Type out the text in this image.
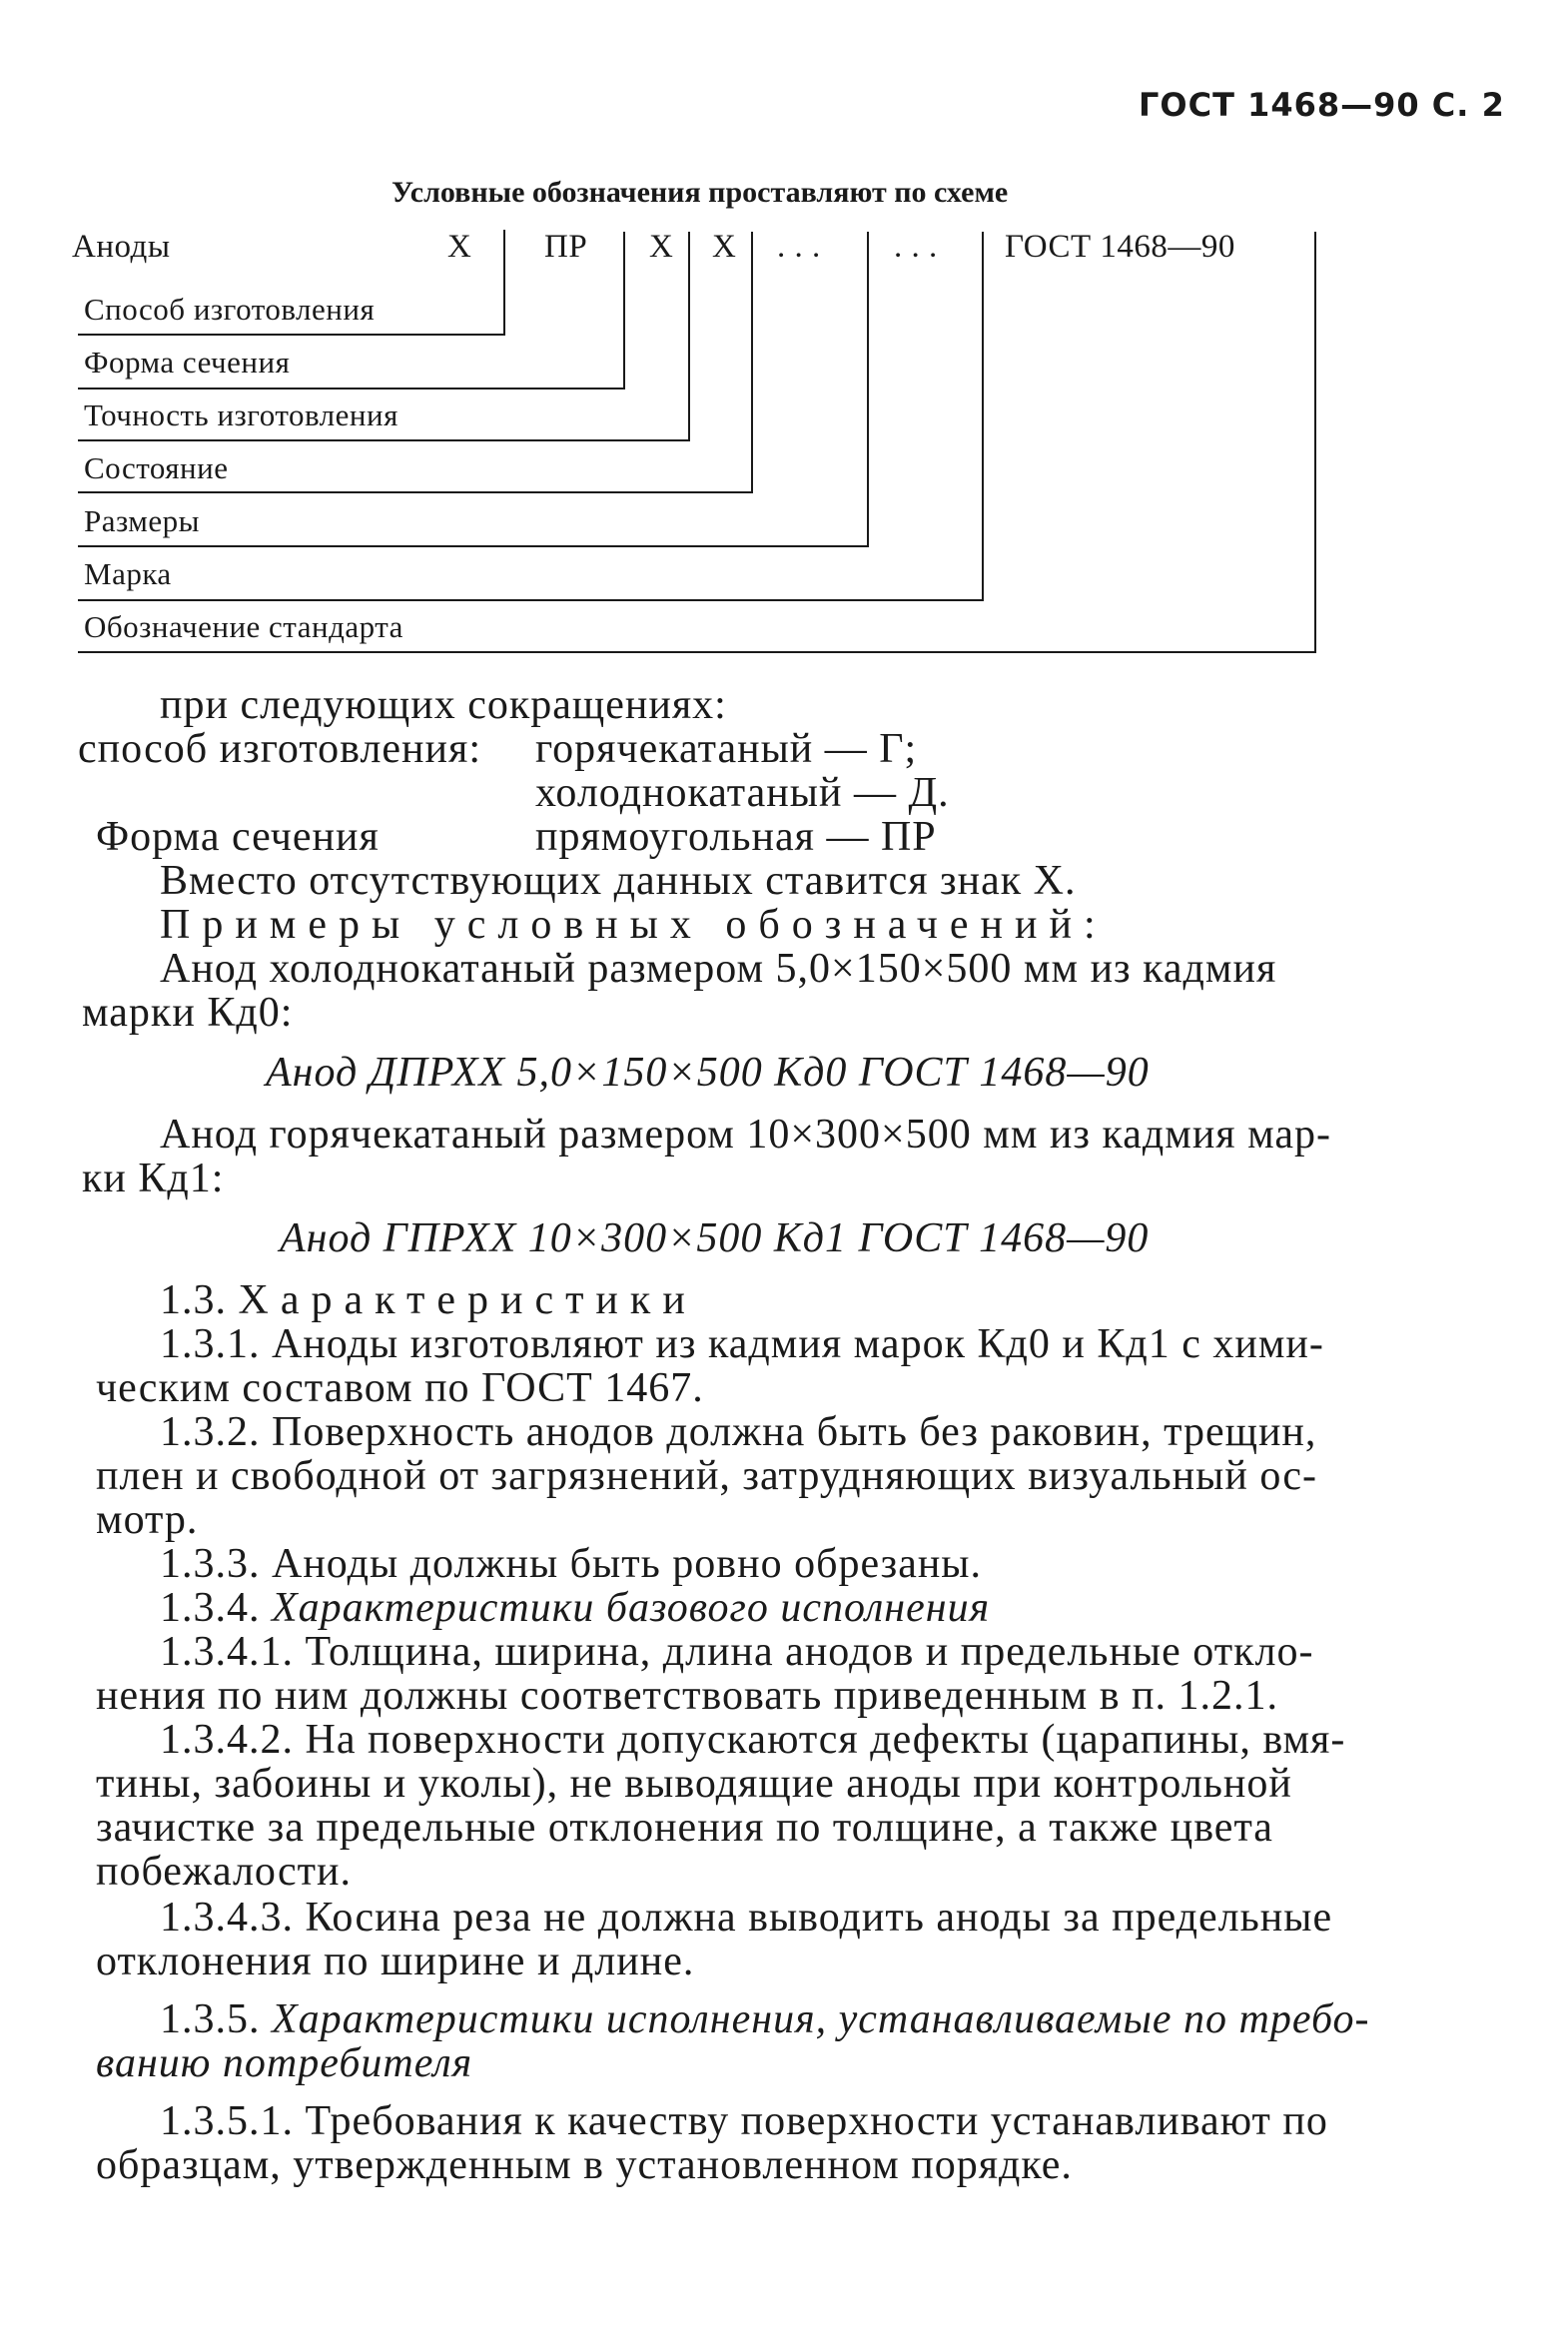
ГОСТ 1468—90 С. 2
Условные обозначения проставляют по схеме
Аноды	Х ПР Х Х . . . . . . ГОСТ 1468—90
Способ изготовления
Форма сечения
Точность изготовления
Состояние
Размеры
Марка
Обозначение стандарта
при следующих сокращениях:
способ изготовления: горячекатаный — Г;
холоднокатаный — Д.
Форма сечения	прямоугольная — ПР
Вместо отсутствующих данных ставится знак Х.
Примеры условных обозначений:
Анод холоднокатаный размером 5,0×150×500 мм из кадмия
марки Кд0:
Анод ДПРХХ 5,0×150×500 Кд0 ГОСТ 1468—90
Анод горячекатаный размером 10×300×500 мм из кадмия мар-
ки Кд1:
Анод ГПРХХ 10×300×500 Кд1 ГОСТ 1468—90
1.3. Характеристики
1.3.1. Аноды изготовляют из кадмия марок Кд0 и Кд1 с хими-
ческим составом по ГОСТ 1467.
1.3.2. Поверхность анодов должна быть без раковин, трещин,
плен и свободной от загрязнений, затрудняющих визуальный ос-
мотр.
1.3.3. Аноды должны быть ровно обрезаны.
1.3.4. Характеристики базового исполнения
1.3.4.1. Толщина, ширина, длина анодов и предельные откло-
нения по ним должны соответствовать приведенным в п. 1.2.1.
1.3.4.2. На поверхности допускаются дефекты (царапины, вмя-
тины, забоины и уколы), не выводящие аноды при контрольной
зачистке за предельные отклонения по толщине, а также цвета
побежалости.
1.3.4.3. Косина реза не должна выводить аноды за предельные
отклонения по ширине и длине.
1.3.5. Характеристики исполнения, устанавливаемые по требо-
ванию потребителя
1.3.5.1. Требования к качеству поверхности устанавливают по
образцам, утвержденным в установленном порядке.
